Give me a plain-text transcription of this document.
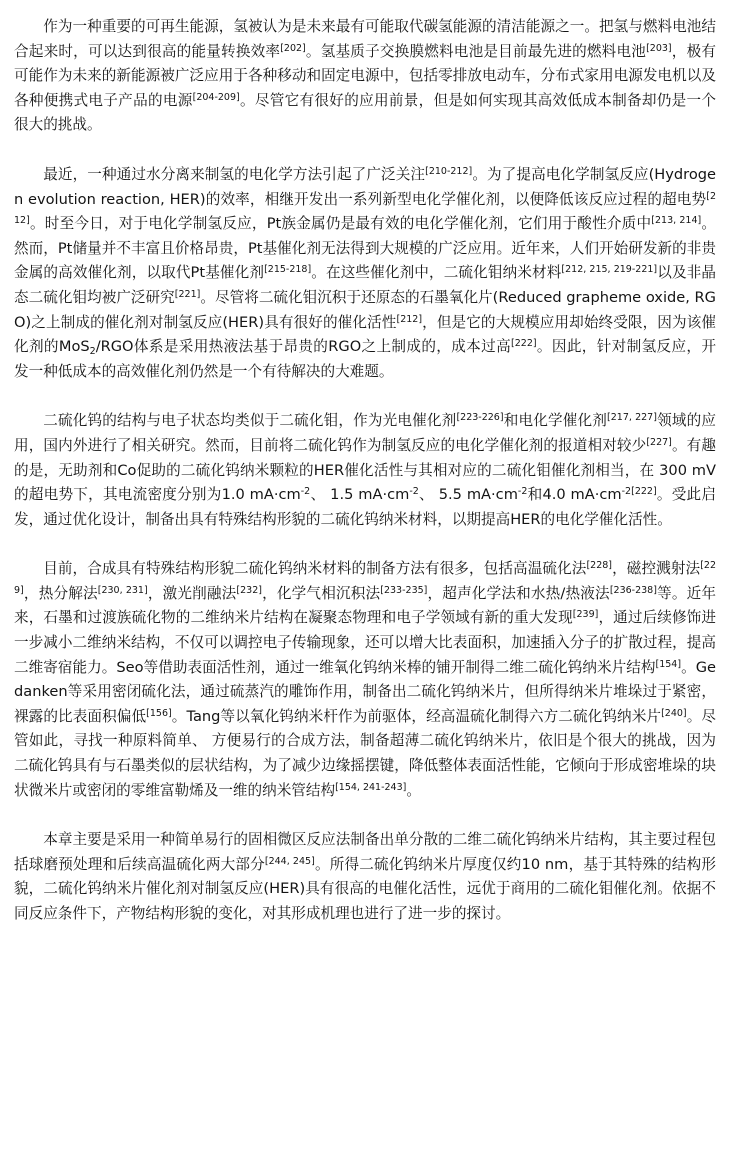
作为一种重要的可再生能源，氢被认为是未来最有可能取代碳氢能源的清洁能源之一。把氢与燃料电池结合起来时，可以达到很高的能量转换效率[202]。氢基质子交换膜燃料电池是目前最先进的燃料电池[203]，极有可能作为未来的新能源被广泛应用于各种移动和固定电源中，包括零排放电动车，分布式家用电源发电机以及各种便携式电子产品的电源[204-209]。尽管它有很好的应用前景，但是如何实现其高效低成本制备却仍是一个很大的挑战。

最近，一种通过水分离来制氢的电化学方法引起了广泛关注[210-212]。为了提高电化学制氢反应(Hydrogen evolution reaction, HER)的效率，相继开发出一系列新型电化学催化剂，以便降低该反应过程的超电势[212]。时至今日，对于电化学制氢反应，Pt族金属仍是最有效的电化学催化剂，它们用于酸性介质中[213, 214]。然而，Pt储量并不丰富且价格昂贵，Pt基催化剂无法得到大规模的广泛应用。近年来，人们开始研发新的非贵金属的高效催化剂，以取代Pt基催化剂[215-218]。在这些催化剂中，二硫化钼纳米材料[212, 215, 219-221]以及非晶态二硫化钼均被广泛研究[221]。尽管将二硫化钼沉积于还原态的石墨氧化片(Reduced grapheme oxide, RGO)之上制成的催化剂对制氢反应(HER)具有很好的催化活性[212]，但是它的大规模应用却始终受限，因为该催化剂的MoS$_2$/RGO体系是采用热液法基于昂贵的RGO之上制成的，成本过高[222]。因此，针对制氢反应，开发一种低成本的高效催化剂仍然是一个有待解决的大难题。

二硫化钨的结构与电子状态均类似于二硫化钼，作为光电催化剂[223-226]和电化学催化剂[217, 227]领域的应用，国内外进行了相关研究。然而，目前将二硫化钨作为制氢反应的电化学催化剂的报道相对较少[227]。有趣的是，无助剂和Co促助的二硫化钨纳米颗粒的HER催化活性与其相对应的二硫化钼催化剂相当，在 300 mV 的超电势下，其电流密度分别为1.0 $mA\cdot cm^{-2}$、 1.5 $mA\cdot cm^{-2}$、 5.5 $mA\cdot cm^{-2}$和4.0 $mA\cdot cm^{-2[222]}$。受此启发，通过优化设计，制备出具有特殊结构形貌的二硫化钨纳米材料，以期提高HER的电化学催化活性。

目前，合成具有特殊结构形貌二硫化钨纳米材料的制备方法有很多，包括高温硫化法[228]，磁控溅射法[229]，热分解法[230, 231]，激光削融法[232]，化学气相沉积法[233-235]，超声化学法和水热/热液法[236-238]等。近年来，石墨和过渡族硫化物的二维纳米片结构在凝聚态物理和电子学领域有新的重大发现[239]，通过后续修饰进一步减小二维纳米结构，不仅可以调控电子传输现象，还可以增大比表面积，加速插入分子的扩散过程，提高二维寄宿能力。Seo等借助表面活性剂，通过一维氧化钨纳米棒的铺开制得二维二硫化钨纳米片结构[154]。Gedanken等采用密闭硫化法，通过硫蒸汽的雕饰作用，制备出二硫化钨纳米片，但所得纳米片堆垛过于紧密，裸露的比表面积偏低[156]。Tang等以氧化钨纳米杆作为前驱体，经高温硫化制得六方二硫化钨纳米片[240]。尽管如此，寻找一种原料简单、 方便易行的合成方法，制备超薄二硫化钨纳米片，依旧是个很大的挑战，因为二硫化钨具有与石墨类似的层状结构，为了减少边缘摇摆键，降低整体表面活性能，它倾向于形成密堆垛的块状微米片或密闭的零维富勒烯及一维的纳米管结构[154, 241-243]。

本章主要是采用一种简单易行的固相微区反应法制备出单分散的二维二硫化钨纳米片结构，其主要过程包括球磨预处理和后续高温硫化两大部分[244, 245]。所得二硫化钨纳米片厚度仅约10 nm，基于其特殊的结构形貌，二硫化钨纳米片催化剂对制氢反应(HER)具有很高的电催化活性，远优于商用的二硫化钼催化剂。依据不同反应条件下，产物结构形貌的变化，对其形成机理也进行了进一步的探讨。
